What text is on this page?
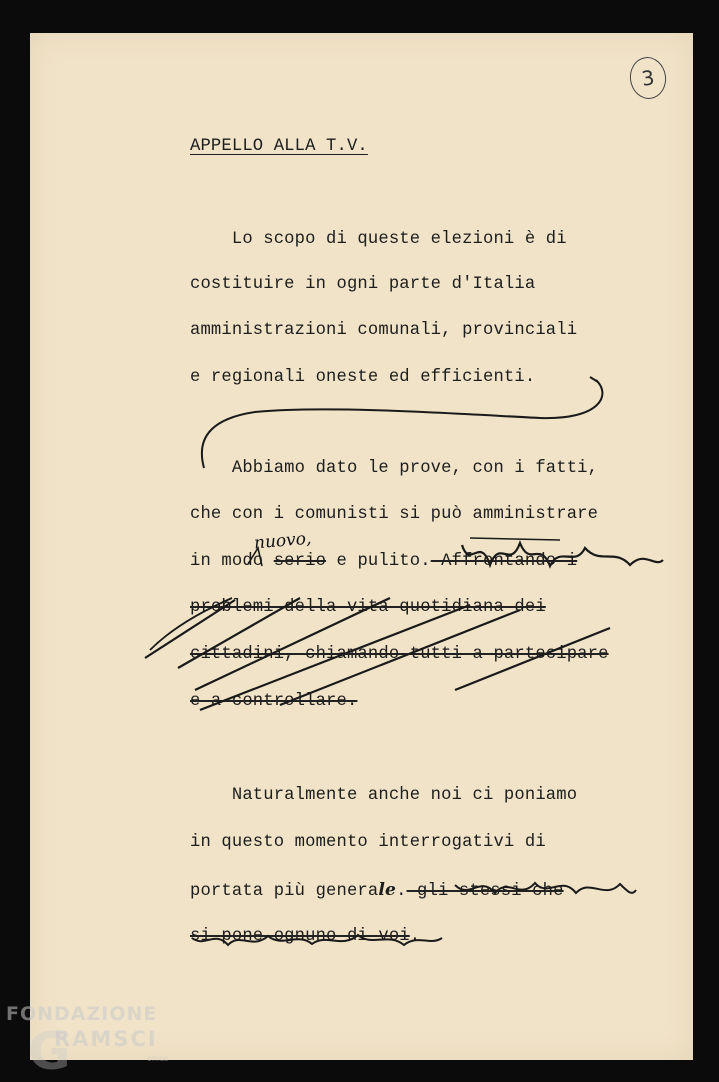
3
APPELLO ALLA T.V.
Lo scopo di queste elezioni è di
costituire in ogni parte d'Italia
amministrazioni comunali, provinciali
e regionali oneste ed efficienti.
Abbiamo dato le prove, con i fatti,
che con i comunisti si può amministrare
in modo serio e pulito. Affrontando i
nuovo,
problemi della vita quotidiana dei
cittadini, chiamando tutti a partecipare
e a controllare.
Naturalmente anche noi ci poniamo
in questo momento interrogativi di
portata più generale. gli stessi che
si pone ognuno di voi.
G
FONDAZIONE
RAMSCI
onlus
